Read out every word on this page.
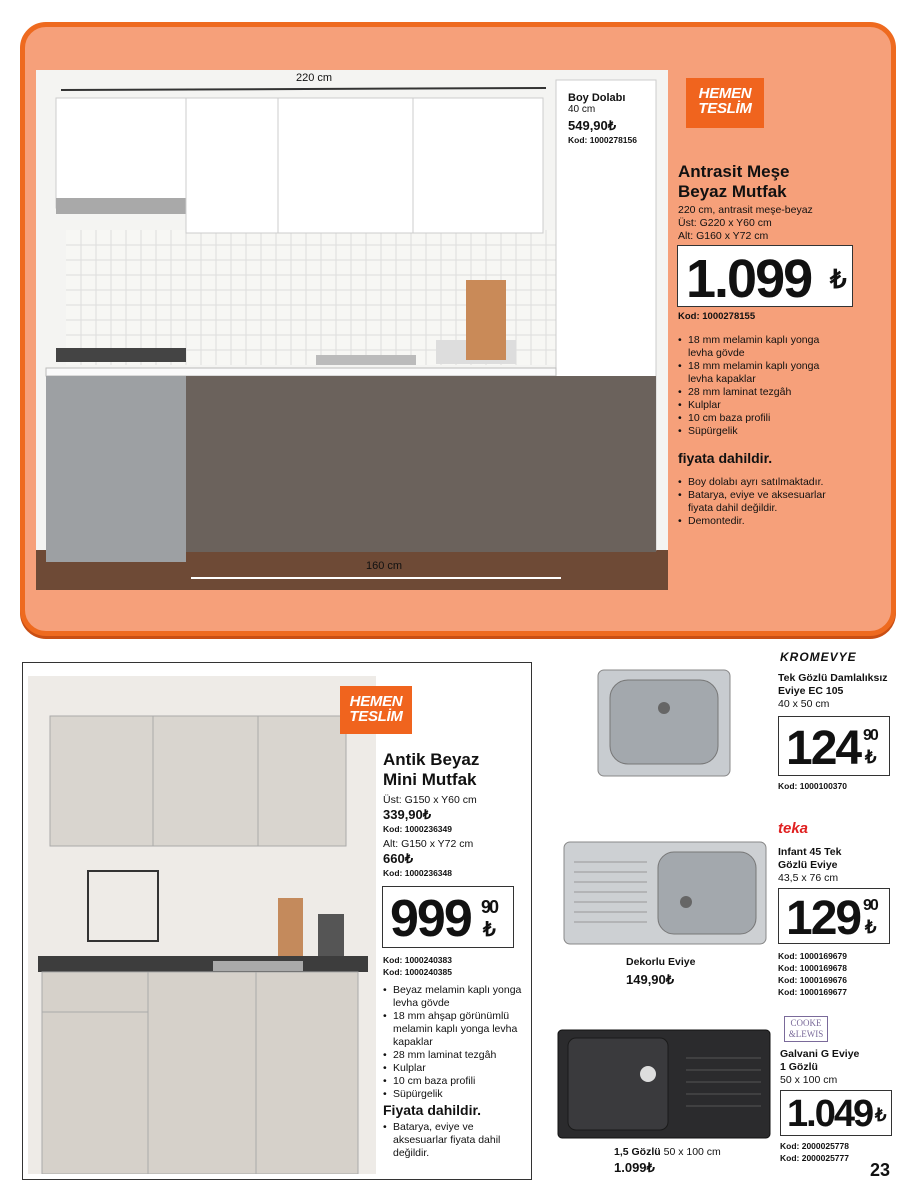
220 cm
160 cm
Boy Dolabı
40 cm
549,90₺
Kod: 1000278156
HEMEN
TESLİM
Antrasit Meşe
Beyaz Mutfak
220 cm, antrasit meşe-beyaz
Üst: G220 x Y60 cm
Alt: G160 x Y72 cm
1.099 ₺
Kod: 1000278155
• 18 mm melamin kaplı yonga levha gövde
• 18 mm melamin kaplı yonga levha kapaklar
• 28 mm laminat tezgâh
• Kulplar
• 10 cm baza profili
• Süpürgelik
fiyata dahildir.
• Boy dolabı ayrı satılmaktadır.
• Batarya, eviye ve aksesuarlar fiyata dahil değildir.
• Demontedir.
HEMEN
TESLİM
Antik Beyaz
Mini Mutfak
Üst: G150 x Y60 cm
339,90₺
Kod: 1000236349
Alt: G150 x Y72 cm
660₺
Kod: 1000236348
999 90
₺
Kod: 1000240383
Kod: 1000240385
• Beyaz melamin kaplı yonga levha gövde
• 18 mm ahşap görünümlü melamin kaplı yonga levha kapaklar
• 28 mm laminat tezgâh
• Kulplar
• 10 cm baza profili
• Süpürgelik
Fiyata dahildir.
• Batarya, eviye ve aksesuarlar fiyata dahil değildir.
KROMEVYE
Tek Gözlü Damlalıksız
Eviye EC 105
40 x 50 cm
124 90
₺
Kod: 1000100370
teka
Infant 45 Tek
Gözlü Eviye
43,5 x 76 cm
129 90
₺
Kod: 1000169679
Kod: 1000169678
Kod: 1000169676
Kod: 1000169677
Dekorlu Eviye
149,90₺
COOKE
&LEWIS
Galvani G Eviye
1 Gözlü
50 x 100 cm
1.049 ₺
Kod: 2000025778
Kod: 2000025777
1,5 Gözlü 50 x 100 cm
1.099₺	23
